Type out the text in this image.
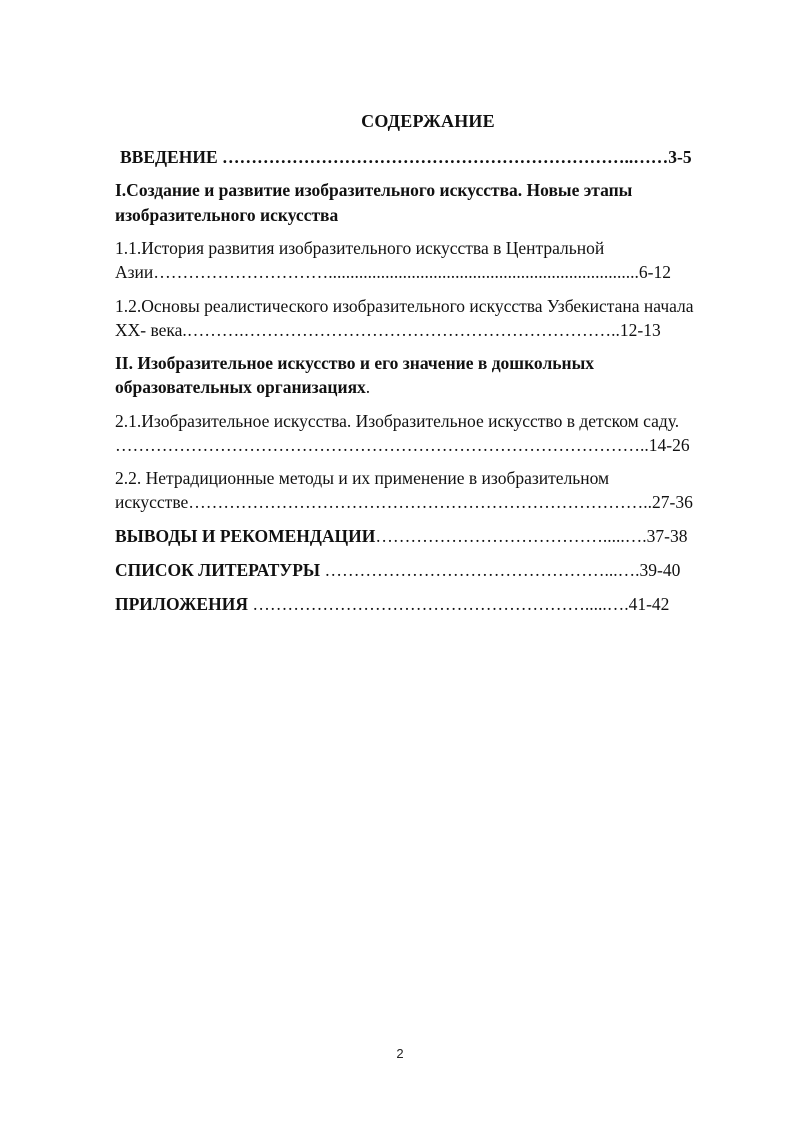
СОДЕРЖАНИЕ
ВВЕДЕНИЕ ……………………………………………………………..……3-5
I.Создание и развитие изобразительного искусства. Новые этапы
изобразительного искусства
1.1.История развития изобразительного искусства в Центральной
Азии………………………….......................................................................6-12
1.2.Основы реалистического изобразительного искусства Узбекистана начала
XX- века.……….………………………………………………………..12-13
II. Изобразительное искусство и его значение в дошкольных
образовательных организациях.
2.1.Изобразительное искусства. Изобразительное искусство в детском саду.
………………………………………………………………………………..14-26
2.2. Нетрадиционные методы и их применение в изобразительном
искусстве……………………………………………………………………..27-36
ВЫВОДЫ И РЕКОМЕНДАЦИИ………………………………….....….37-38
СПИСОК ЛИТЕРАТУРЫ …………………………………………...….39-40
ПРИЛОЖЕНИЯ ………………………………………………….....….41-42
2
